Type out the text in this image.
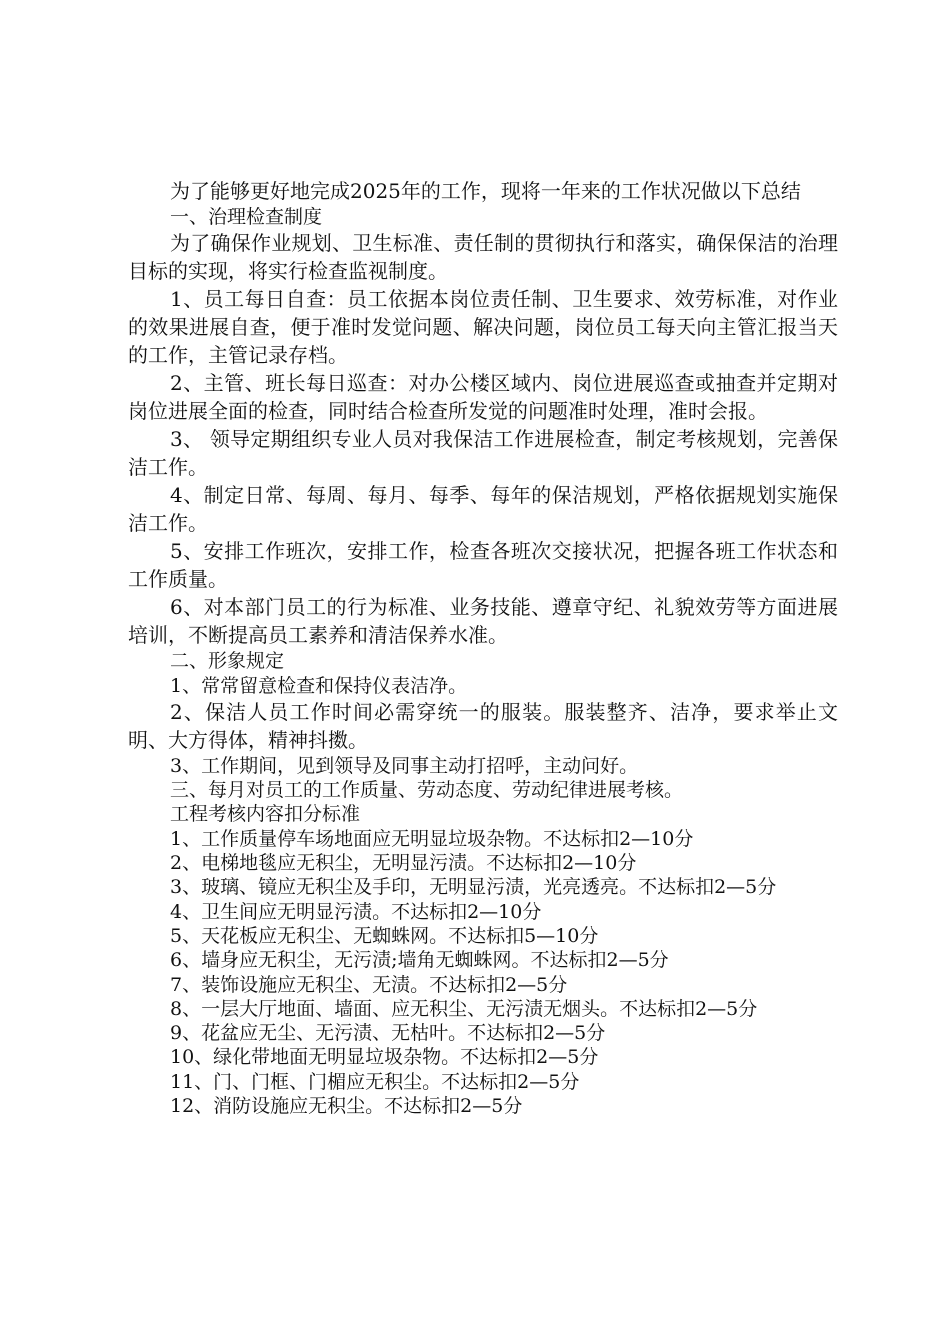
为了能够更好地完成2025年的工作，现将一年来的工作状况做以下总结

一、治理检查制度

为了确保作业规划、卫生标准、责任制的贯彻执行和落实，确保保洁的治理目标的实现，将实行检查监视制度。

1、员工每日自查：员工依据本岗位责任制、卫生要求、效劳标准，对作业的效果进展自查，便于准时发觉问题、解决问题，岗位员工每天向主管汇报当天的工作，主管记录存档。

2、主管、班长每日巡查：对办公楼区域内、岗位进展巡查或抽查并定期对岗位进展全面的检查，同时结合检查所发觉的问题准时处理，准时会报。

3、 领导定期组织专业人员对我保洁工作进展检查，制定考核规划，完善保洁工作。

4、制定日常、每周、每月、每季、每年的保洁规划，严格依据规划实施保洁工作。

5、安排工作班次，安排工作，检查各班次交接状况，把握各班工作状态和工作质量。

6、对本部门员工的行为标准、业务技能、遵章守纪、礼貌效劳等方面进展培训，不断提高员工素养和清洁保养水准。

二、形象规定

1、常常留意检查和保持仪表洁净。

2、保洁人员工作时间必需穿统一的服装。服装整齐、洁净，要求举止文明、大方得体，精神抖擞。

3、工作期间，见到领导及同事主动打招呼，主动问好。

三、每月对员工的工作质量、劳动态度、劳动纪律进展考核。

工程考核内容扣分标准

1、工作质量停车场地面应无明显垃圾杂物。不达标扣2—10分

2、电梯地毯应无积尘，无明显污渍。不达标扣2—10分

3、玻璃、镜应无积尘及手印，无明显污渍，光亮透亮。不达标扣2—5分

4、卫生间应无明显污渍。不达标扣2—10分

5、天花板应无积尘、无蜘蛛网。不达标扣5—10分

6、墙身应无积尘，无污渍;墙角无蜘蛛网。不达标扣2—5分

7、装饰设施应无积尘、无渍。不达标扣2—5分

8、一层大厅地面、墙面、应无积尘、无污渍无烟头。不达标扣2—5分

9、花盆应无尘、无污渍、无枯叶。不达标扣2—5分

10、绿化带地面无明显垃圾杂物。不达标扣2—5分

11、门、门框、门楣应无积尘。不达标扣2—5分

12、消防设施应无积尘。不达标扣2—5分
